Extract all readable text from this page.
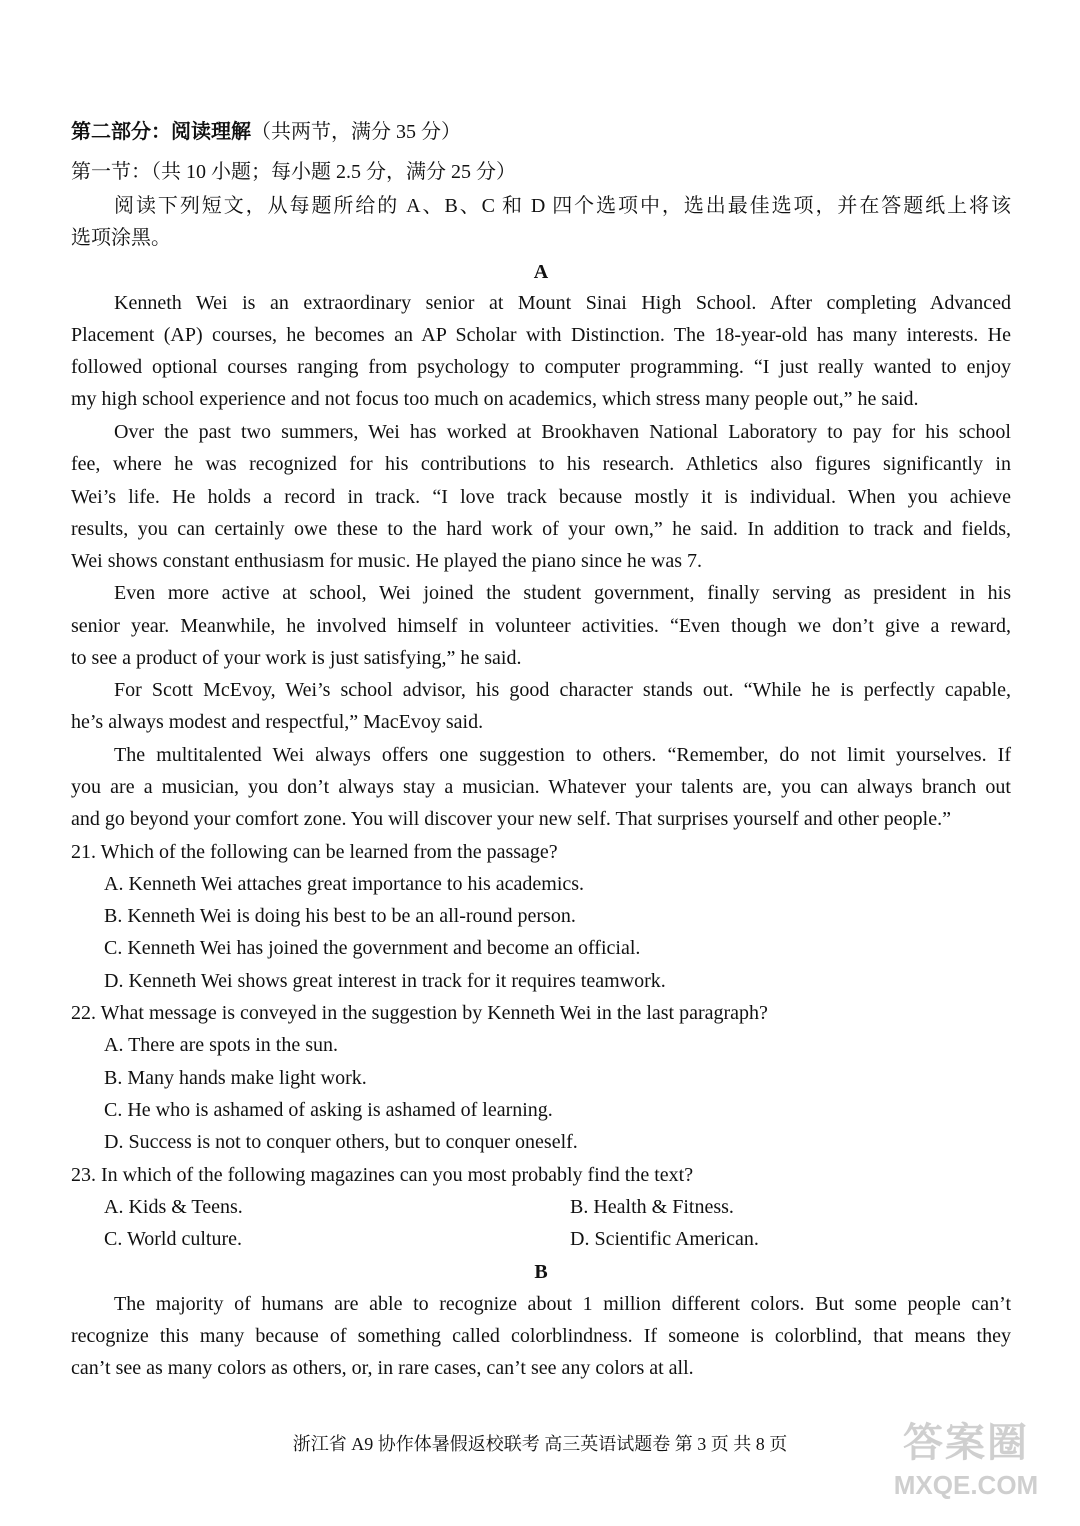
第二部分：阅读理解（共两节，满分 35 分）
第一节：（共 10 小题；每小题 2.5 分，满分 25 分）
阅读下列短文，从每题所给的 A、B、C 和 D 四个选项中，选出最佳选项，并在答题纸上将该
选项涂黑。
A
Kenneth Wei is an extraordinary senior at Mount Sinai High School. After completing Advanced
Placement (AP) courses, he becomes an AP Scholar with Distinction. The 18-year-old has many interests. He
followed optional courses ranging from psychology to computer programming. “I just really wanted to enjoy
my high school experience and not focus too much on academics, which stress many people out,” he said.
Over the past two summers, Wei has worked at Brookhaven National Laboratory to pay for his school
fee, where he was recognized for his contributions to his research. Athletics also figures significantly in
Wei’s life. He holds a record in track. “I love track because mostly it is individual. When you achieve
results, you can certainly owe these to the hard work of your own,” he said. In addition to track and fields,
Wei shows constant enthusiasm for music. He played the piano since he was 7.
Even more active at school, Wei joined the student government, finally serving as president in his
senior year. Meanwhile, he involved himself in volunteer activities. “Even though we don’t give a reward,
to see a product of your work is just satisfying,” he said.
For Scott McEvoy, Wei’s school advisor, his good character stands out. “While he is perfectly capable,
he’s always modest and respectful,” MacEvoy said.
The multitalented Wei always offers one suggestion to others. “Remember, do not limit yourselves. If
you are a musician, you don’t always stay a musician. Whatever your talents are, you can always branch out
and go beyond your comfort zone. You will discover your new self. That surprises yourself and other people.”
21. Which of the following can be learned from the passage?
A. Kenneth Wei attaches great importance to his academics.
B. Kenneth Wei is doing his best to be an all-round person.
C. Kenneth Wei has joined the government and become an official.
D. Kenneth Wei shows great interest in track for it requires teamwork.
22. What message is conveyed in the suggestion by Kenneth Wei in the last paragraph?
A. There are spots in the sun.
B. Many hands make light work.
C. He who is ashamed of asking is ashamed of learning.
D. Success is not to conquer others, but to conquer oneself.
23. In which of the following magazines can you most probably find the text?
A. Kids & Teens.	B. Health & Fitness.
C. World culture.	D. Scientific American.
B
The majority of humans are able to recognize about 1 million different colors. But some people can’t
recognize this many because of something called colorblindness. If someone is colorblind, that means they
can’t see as many colors as others, or, in rare cases, can’t see any colors at all.
浙江省 A9 协作体暑假返校联考 高三英语试题卷 第 3 页 共 8 页	答案圈
MXQE.COM
